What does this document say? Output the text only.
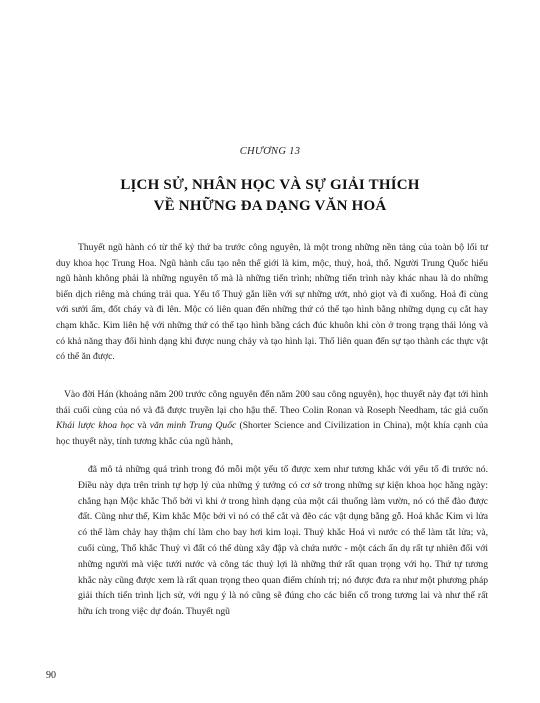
CHƯƠNG 13
LỊCH SỬ, NHÂN HỌC VÀ SỰ GIẢI THÍCH
VỀ NHỮNG ĐA DẠNG VĂN HOÁ

Thuyết ngũ hành có từ thế kỷ thứ ba trước công nguyên, là một trong những nền tảng của toàn bộ lối tư duy khoa học Trung Hoa. Ngũ hành cấu tạo nên thế giới là kim, mộc, thuỷ, hoả, thổ. Người Trung Quốc hiểu ngũ hành không phải là những nguyên tố mà là những tiến trình; những tiến trình này khác nhau là do những biến dịch riêng mà chúng trải qua. Yếu tố Thuỷ gắn liền với sự những ướt, nhỏ giọt và đi xuống. Hoả đi cùng với sưởi ấm, đốt cháy và đi lên. Mộc có liên quan đến những thứ có thể tạo hình bằng những dụng cụ cắt hay chạm khắc. Kim liên hệ với những thứ có thể tạo hình bằng cách đúc khuôn khi còn ở trong trạng thái lỏng và có khả năng thay đổi hình dạng khi được nung chảy và tạo hình lại. Thổ liên quan đến sự tạo thành các thực vật có thể ăn được.

Vào đời Hán (khoảng năm 200 trước công nguyên đến năm 200 sau công nguyên), học thuyết này đạt tới hình thái cuối cùng của nó và đã được truyền lại cho hậu thế. Theo Colin Ronan và Roseph Needham, tác giả cuốn Khái lược khoa học và văn minh Trung Quốc (Shorter Science and Civilization in China), một khía cạnh của học thuyết này, tính tương khắc của ngũ hành,

đã mô tả những quá trình trong đó mỗi một yếu tố được xem như tương khắc với yếu tố đi trước nó. Điều này dựa trên trình tự hợp lý của những ý tưởng có cơ sở trong những sự kiện khoa học hằng ngày: chẳng hạn Mộc khắc Thổ bởi vì khi ở trong hình dạng của một cái thuổng làm vườn, nó có thể đào được đất. Cũng như thế, Kim khắc Mộc bởi vì nó có thể cắt và đẽo các vật dụng bằng gỗ. Hoả khắc Kim vì lửa có thể làm chảy hay thậm chí làm cho bay hơi kim loại. Thuỷ khắc Hoả vì nước có thể làm tắt lửa; và, cuối cùng, Thổ khắc Thuỷ vì đất có thể dùng xây đập và chứa nước - một cách ẩn dụ rất tự nhiên đối với những người mà việc tưới nước và công tác thuỷ lợi là những thứ rất quan trọng với họ. Thứ tự tương khắc này cũng được xem là rất quan trọng theo quan điểm chính trị; nó được đưa ra như một phương pháp giải thích tiến trình lịch sử, với ngụ ý là nó cũng sẽ đúng cho các biến cố trong tương lai và như thế rất hữu ích trong việc dự đoán. Thuyết ngũ

90
